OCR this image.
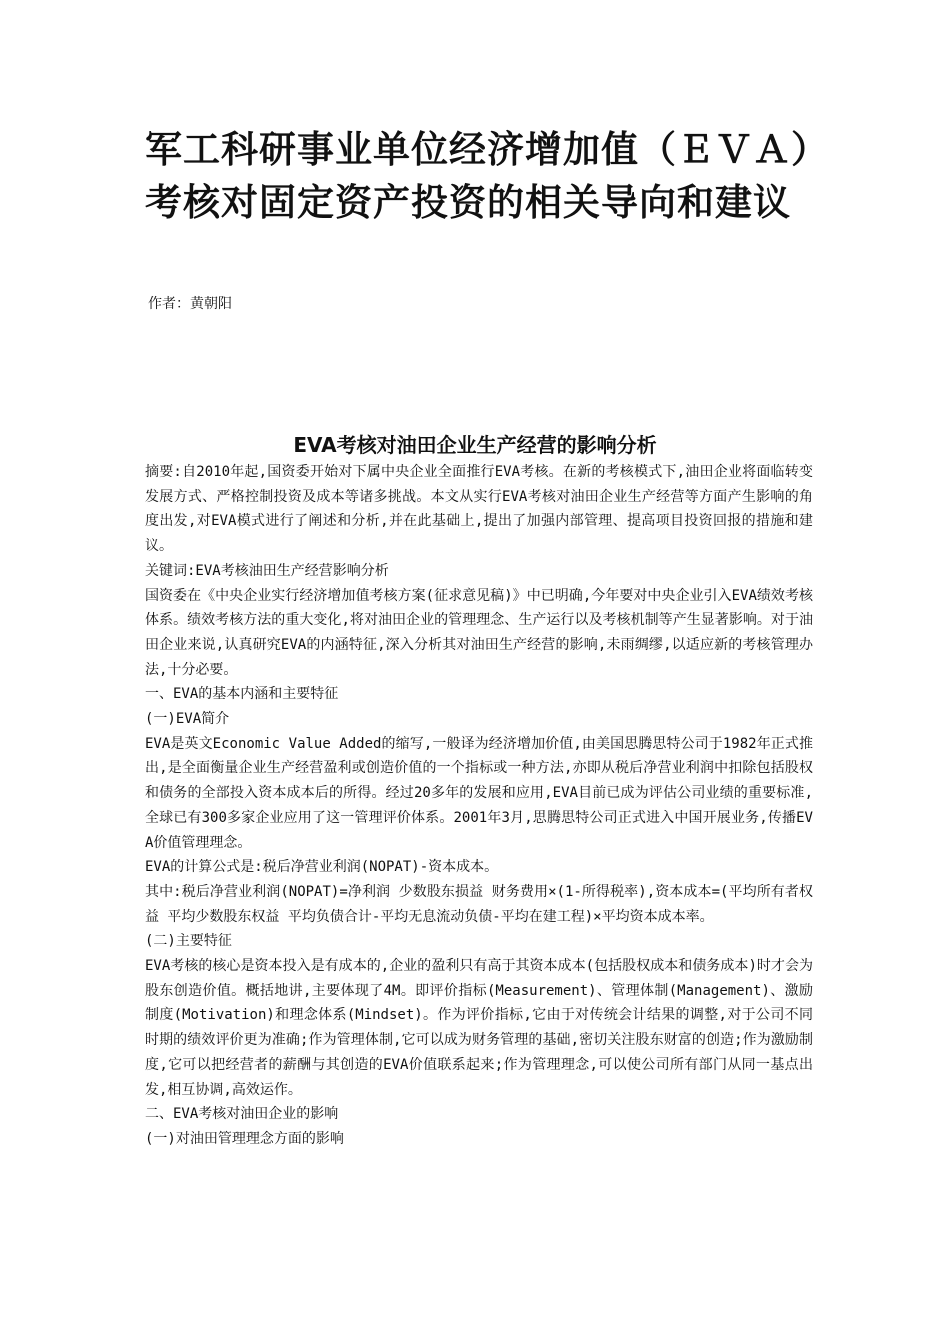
军工科研事业单位经济增加值（ＥＶＡ）考核对固定资产投资的相关导向和建议
作者：黄朝阳
EVA考核对油田企业生产经营的影响分析

摘要:自2010年起,国资委开始对下属中央企业全面推行EVA考核。在新的考核模式下,油田企业将面临转变发展方式、严格控制投资及成本等诸多挑战。本文从实行EVA考核对油田企业生产经营等方面产生影响的角度出发,对EVA模式进行了阐述和分析,并在此基础上,提出了加强内部管理、提高项目投资回报的措施和建议。

关键词:EVA考核油田生产经营影响分析

国资委在《中央企业实行经济增加值考核方案(征求意见稿)》中已明确,今年要对中央企业引入EVA绩效考核体系。绩效考核方法的重大变化,将对油田企业的管理理念、生产运行以及考核机制等产生显著影响。对于油田企业来说,认真研究EVA的内涵特征,深入分析其对油田生产经营的影响,未雨绸缪,以适应新的考核管理办法,十分必要。

一、EVA的基本内涵和主要特征

(一)EVA简介

EVA是英文Economic Value Added的缩写,一般译为经济增加价值,由美国思腾思特公司于1982年正式推出,是全面衡量企业生产经营盈利或创造价值的一个指标或一种方法,亦即从税后净营业利润中扣除包括股权和债务的全部投入资本成本后的所得。经过20多年的发展和应用,EVA目前已成为评估公司业绩的重要标准,全球已有300多家企业应用了这一管理评价体系。2001年3月,思腾思特公司正式进入中国开展业务,传播EVA价值管理理念。

EVA的计算公式是:税后净营业利润(NOPAT)-资本成本。

其中:税后净营业利润(NOPAT)=净利润 少数股东损益 财务费用×(1-所得税率),资本成本=(平均所有者权益 平均少数股东权益 平均负债合计-平均无息流动负债-平均在建工程)×平均资本成本率。

(二)主要特征

EVA考核的核心是资本投入是有成本的,企业的盈利只有高于其资本成本(包括股权成本和债务成本)时才会为股东创造价值。概括地讲,主要体现了4M。即评价指标(Measurement)、管理体制(Management)、激励制度(Motivation)和理念体系(Mindset)。作为评价指标,它由于对传统会计结果的调整,对于公司不同时期的绩效评价更为准确;作为管理体制,它可以成为财务管理的基础,密切关注股东财富的创造;作为激励制度,它可以把经营者的薪酬与其创造的EVA价值联系起来;作为管理理念,可以使公司所有部门从同一基点出发,相互协调,高效运作。

二、EVA考核对油田企业的影响

(一)对油田管理理念方面的影响
